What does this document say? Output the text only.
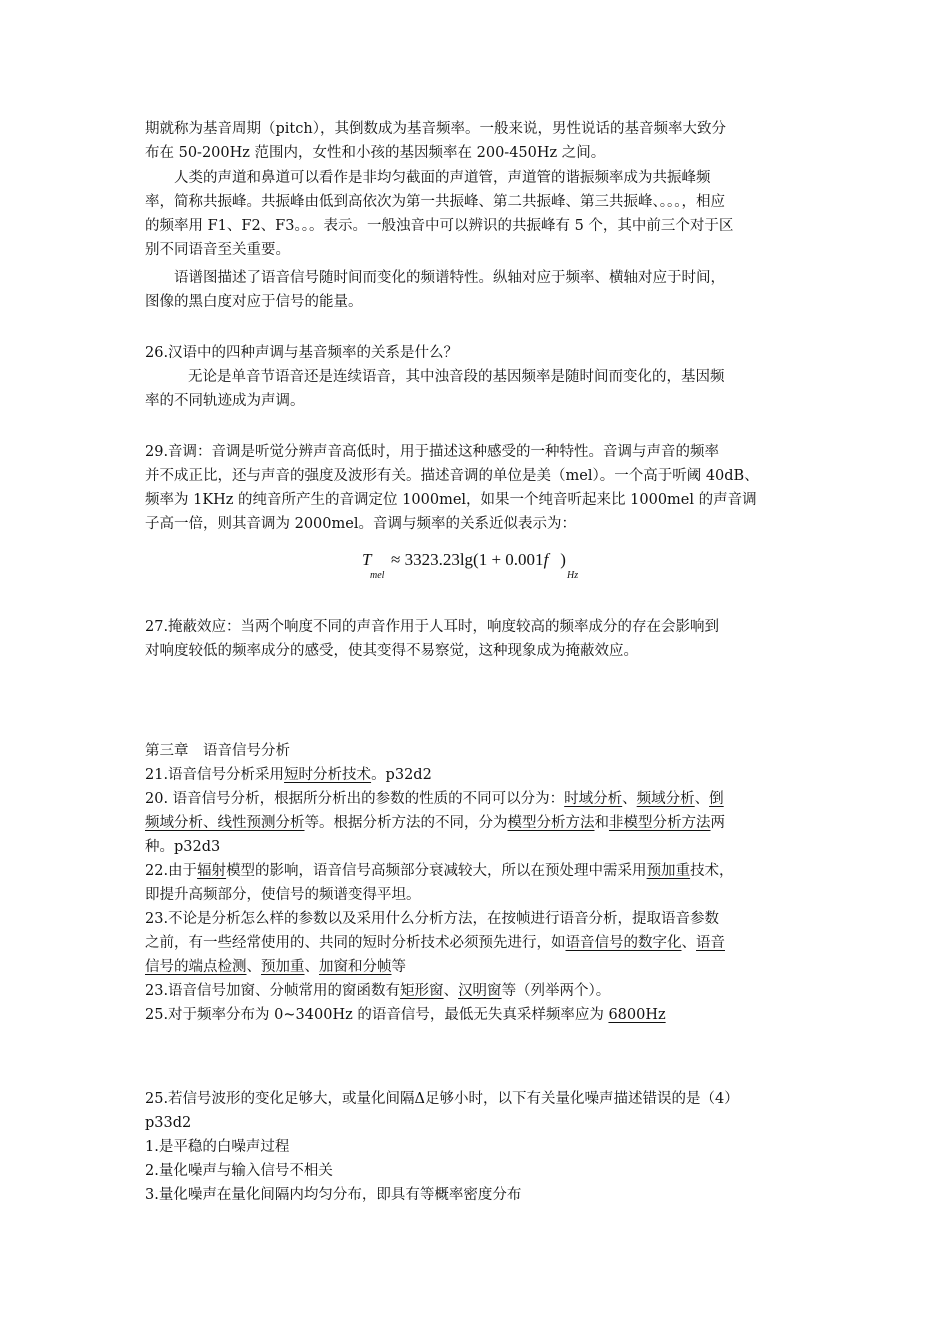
期就称为基音周期（pitch），其倒数成为基音频率。一般来说，男性说话的基音频率大致分
布在 50-200Hz 范围内，女性和小孩的基因频率在 200-450Hz 之间。
人类的声道和鼻道可以看作是非均匀截面的声道管，声道管的谐振频率成为共振峰频
率，简称共振峰。共振峰由低到高依次为第一共振峰、第二共振峰、第三共振峰、。。。，相应
的频率用 F1、F2、F3。。。表示。一般浊音中可以辨识的共振峰有 5 个，其中前三个对于区
别不同语音至关重要。
语谱图描述了语音信号随时间而变化的频谱特性。纵轴对应于频率、横轴对应于时间，
图像的黑白度对应于信号的能量。
26.汉语中的四种声调与基音频率的关系是什么？
无论是单音节语音还是连续语音，其中浊音段的基因频率是随时间而变化的，基因频
率的不同轨迹成为声调。
29.音调：音调是听觉分辨声音高低时，用于描述这种感受的一种特性。音调与声音的频率
并不成正比，还与声音的强度及波形有关。描述音调的单位是美（mel）。一个高于听阈 40dB、
频率为 1KHz 的纯音所产生的音调定位 1000mel，如果一个纯音听起来比 1000mel 的声音调
子高一倍，则其音调为 2000mel。音调与频率的关系近似表示为：
T
mel
≈ 3323.23lg(1 + 0.001f )
Hz
27.掩蔽效应：当两个响度不同的声音作用于人耳时，响度较高的频率成分的存在会影响到
对响度较低的频率成分的感受，使其变得不易察觉，这种现象成为掩蔽效应。
第三章　语音信号分析
21.语音信号分析采用短时分析技术。p32d2
20. 语音信号分析，根据所分析出的参数的性质的不同可以分为：时域分析、频域分析、倒
频域分析、线性预测分析等。根据分析方法的不同，分为模型分析方法和非模型分析方法两
种。p32d3
22.由于辐射模型的影响，语音信号高频部分衰减较大，所以在预处理中需采用预加重技术，
即提升高频部分，使信号的频谱变得平坦。
23.不论是分析怎么样的参数以及采用什么分析方法，在按帧进行语音分析，提取语音参数
之前，有一些经常使用的、共同的短时分析技术必须预先进行，如语音信号的数字化、语音
信号的端点检测、预加重、加窗和分帧等
23.语音信号加窗、分帧常用的窗函数有矩形窗、汉明窗等（列举两个）。
25.对于频率分布为 0~3400Hz 的语音信号，最低无失真采样频率应为 6800Hz
25.若信号波形的变化足够大，或量化间隔Δ足够小时，以下有关量化噪声描述错误的是（4）
p33d2
1.是平稳的白噪声过程
2.量化噪声与输入信号不相关
3.量化噪声在量化间隔内均匀分布，即具有等概率密度分布
